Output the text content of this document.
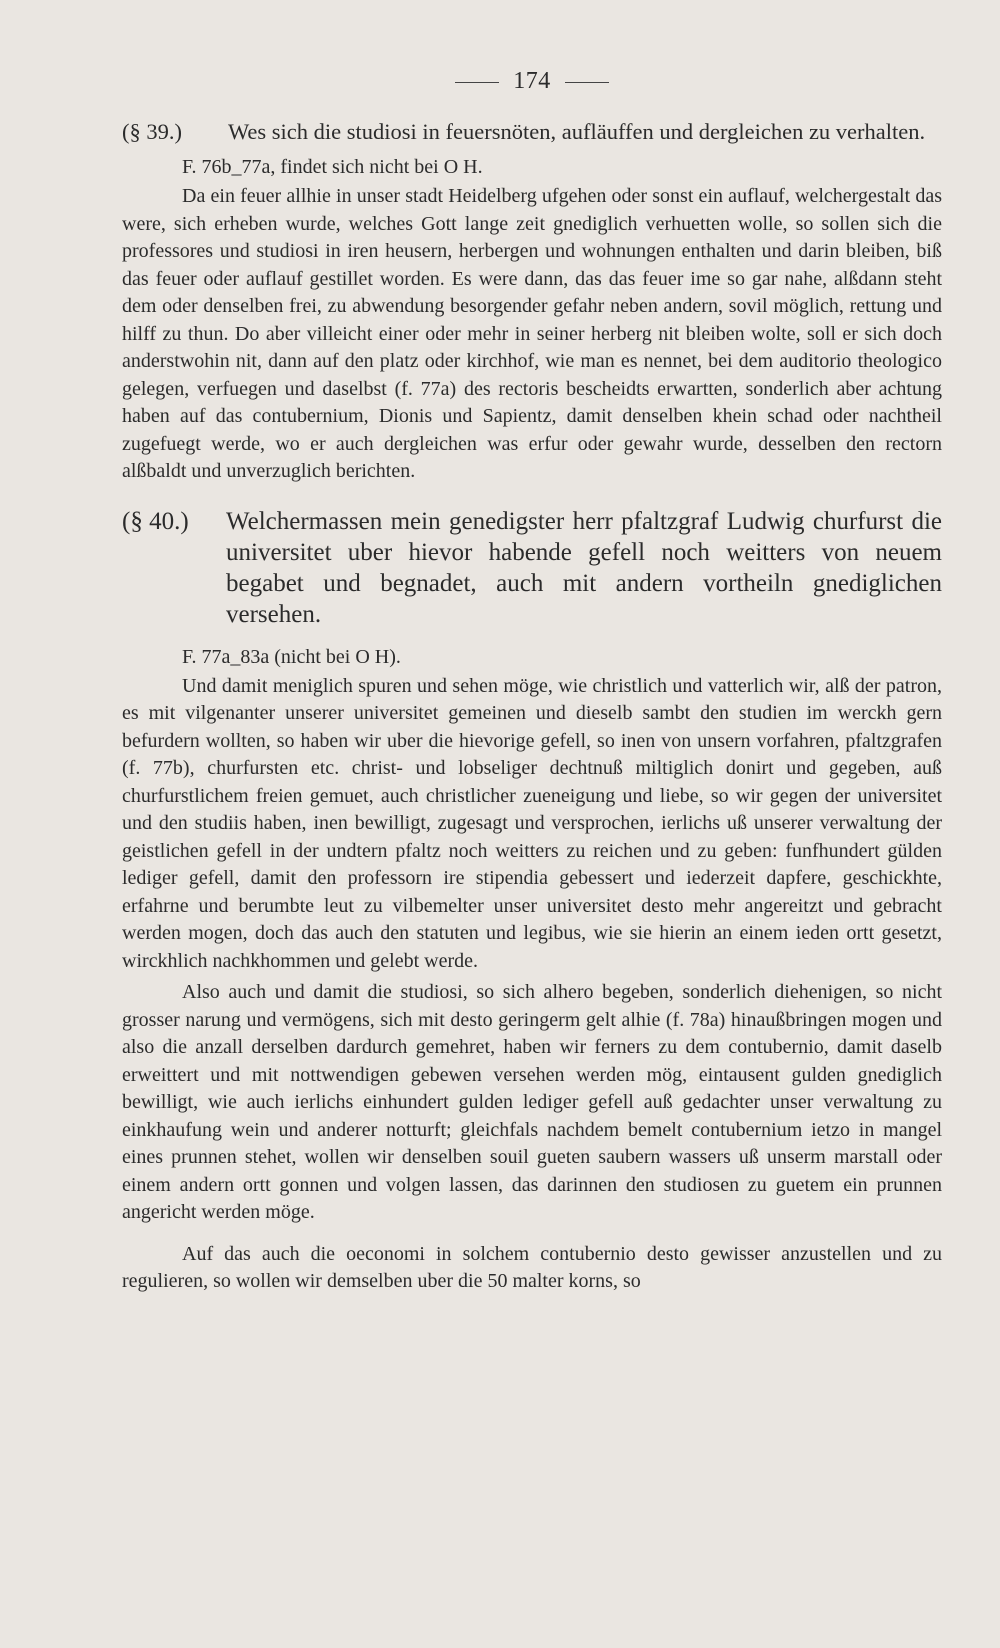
174
(§ 39.)	Wes sich die studiosi in feuersnöten, aufläuffen und dergleichen zu verhalten.
F. 76b_77a, findet sich nicht bei O H.

Da ein feuer allhie in unser stadt Heidelberg ufgehen oder sonst ein auflauf, welchergestalt das were, sich erheben wurde, welches Gott lange zeit gnediglich verhuetten wolle, so sollen sich die professores und studiosi in iren heusern, herbergen und wohnungen enthalten und darin bleiben, biß das feuer oder auflauf gestillet worden. Es were dann, das das feuer ime so gar nahe, alßdann steht dem oder denselben frei, zu abwendung besorgender gefahr neben andern, sovil möglich, rettung und hilff zu thun. Do aber villeicht einer oder mehr in seiner herberg nit bleiben wolte, soll er sich doch anderstwohin nit, dann auf den platz oder kirchhof, wie man es nennet, bei dem auditorio theologico gelegen, verfuegen und daselbst (f. 77a) des rectoris bescheidts erwartten, sonderlich aber achtung haben auf das contubernium, Dionis und Sapientz, damit denselben khein schad oder nachtheil zugefuegt werde, wo er auch dergleichen was erfur oder gewahr wurde, desselben den rectorn alßbaldt und unverzuglich berichten.

(§ 40.)	Welchermassen mein genedigster herr pfaltzgraf Ludwig churfurst die universitet uber hievor habende gefell noch weitters von neuem begabet und begnadet, auch mit andern vortheiln gnediglichen versehen.
F. 77a_83a (nicht bei O H).

Und damit meniglich spuren und sehen möge, wie christlich und vatterlich wir, alß der patron, es mit vilgenanter unserer universitet gemeinen und dieselb sambt den studien im werckh gern befurdern wollten, so haben wir uber die hievorige gefell, so inen von unsern vorfahren, pfaltzgrafen (f. 77b), churfursten etc. christ- und lobseliger dechtnuß miltiglich donirt und gegeben, auß churfurstlichem freien gemuet, auch christlicher zueneigung und liebe, so wir gegen der universitet und den studiis haben, inen bewilligt, zugesagt und versprochen, ierlichs uß unserer verwaltung der geistlichen gefell in der undtern pfaltz noch weitters zu reichen und zu geben: funfhundert gülden lediger gefell, damit den professorn ire stipendia gebessert und iederzeit dapfere, geschickhte, erfahrne und berumbte leut zu vilbemelter unser universitet desto mehr angereitzt und gebracht werden mogen, doch das auch den statuten und legibus, wie sie hierin an einem ieden ortt gesetzt, wirckhlich nachkhommen und gelebt werde.

Also auch und damit die studiosi, so sich alhero begeben, sonderlich diehenigen, so nicht grosser narung und vermögens, sich mit desto geringerm gelt alhie (f. 78a) hinaußbringen mogen und also die anzall derselben dardurch gemehret, haben wir ferners zu dem contubernio, damit daselb erweittert und mit nottwendigen gebewen versehen werden mög, eintausent gulden gnediglich bewilligt, wie auch ierlichs einhundert gulden lediger gefell auß gedachter unser verwaltung zu einkhaufung wein und anderer notturft; gleichfals nachdem bemelt contubernium ietzo in mangel eines prunnen stehet, wollen wir denselben souil gueten saubern wassers uß unserm marstall oder einem andern ortt gonnen und volgen lassen, das darinnen den studiosen zu guetem ein prunnen angericht werden möge.

Auf das auch die oeconomi in solchem contubernio desto gewisser anzustellen und zu regulieren, so wollen wir demselben uber die 50 malter korns, so
